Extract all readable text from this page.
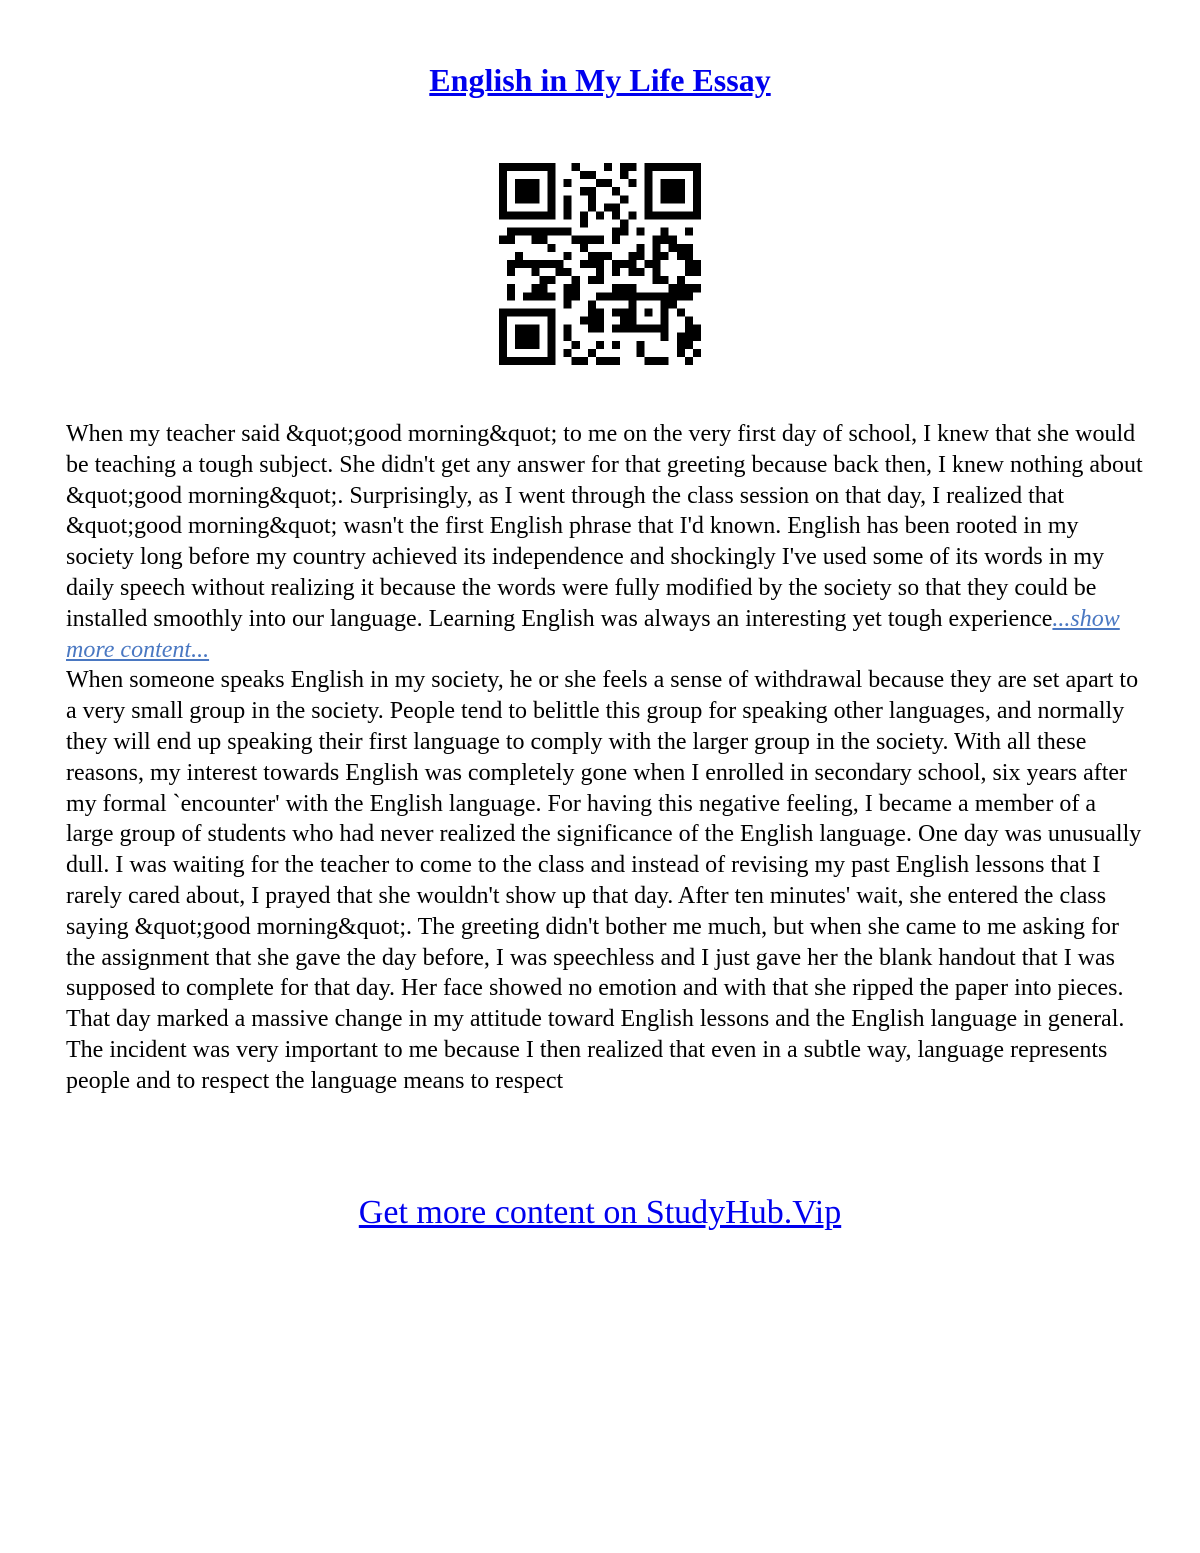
English in My Life Essay

When my teacher said &quot;good morning&quot; to me on the very first day of school, I knew that she would be teaching a tough subject. She didn't get any answer for that greeting because back then, I knew nothing about &quot;good morning&quot;. Surprisingly, as I went through the class session on that day, I realized that &quot;good morning&quot; wasn't the first English phrase that I'd known. English has been rooted in my society long before my country achieved its independence and shockingly I've used some of its words in my daily speech without realizing it because the words were fully modified by the society so that they could be installed smoothly into our language. Learning English was always an interesting yet tough experience...show more content...

When someone speaks English in my society, he or she feels a sense of withdrawal because they are set apart to a very small group in the society. People tend to belittle this group for speaking other languages, and normally they will end up speaking their first language to comply with the larger group in the society. With all these reasons, my interest towards English was completely gone when I enrolled in secondary school, six years after my formal `encounter' with the English language. For having this negative feeling, I became a member of a large group of students who had never realized the significance of the English language. One day was unusually dull. I was waiting for the teacher to come to the class and instead of revising my past English lessons that I rarely cared about, I prayed that she wouldn't show up that day. After ten minutes' wait, she entered the class saying &quot;good morning&quot;. The greeting didn't bother me much, but when she came to me asking for the assignment that she gave the day before, I was speechless and I just gave her the blank handout that I was supposed to complete for that day. Her face showed no emotion and with that she ripped the paper into pieces. That day marked a massive change in my attitude toward English lessons and the English language in general. The incident was very important to me because I then realized that even in a subtle way, language represents people and to respect the language means to respect

Get more content on StudyHub.Vip
